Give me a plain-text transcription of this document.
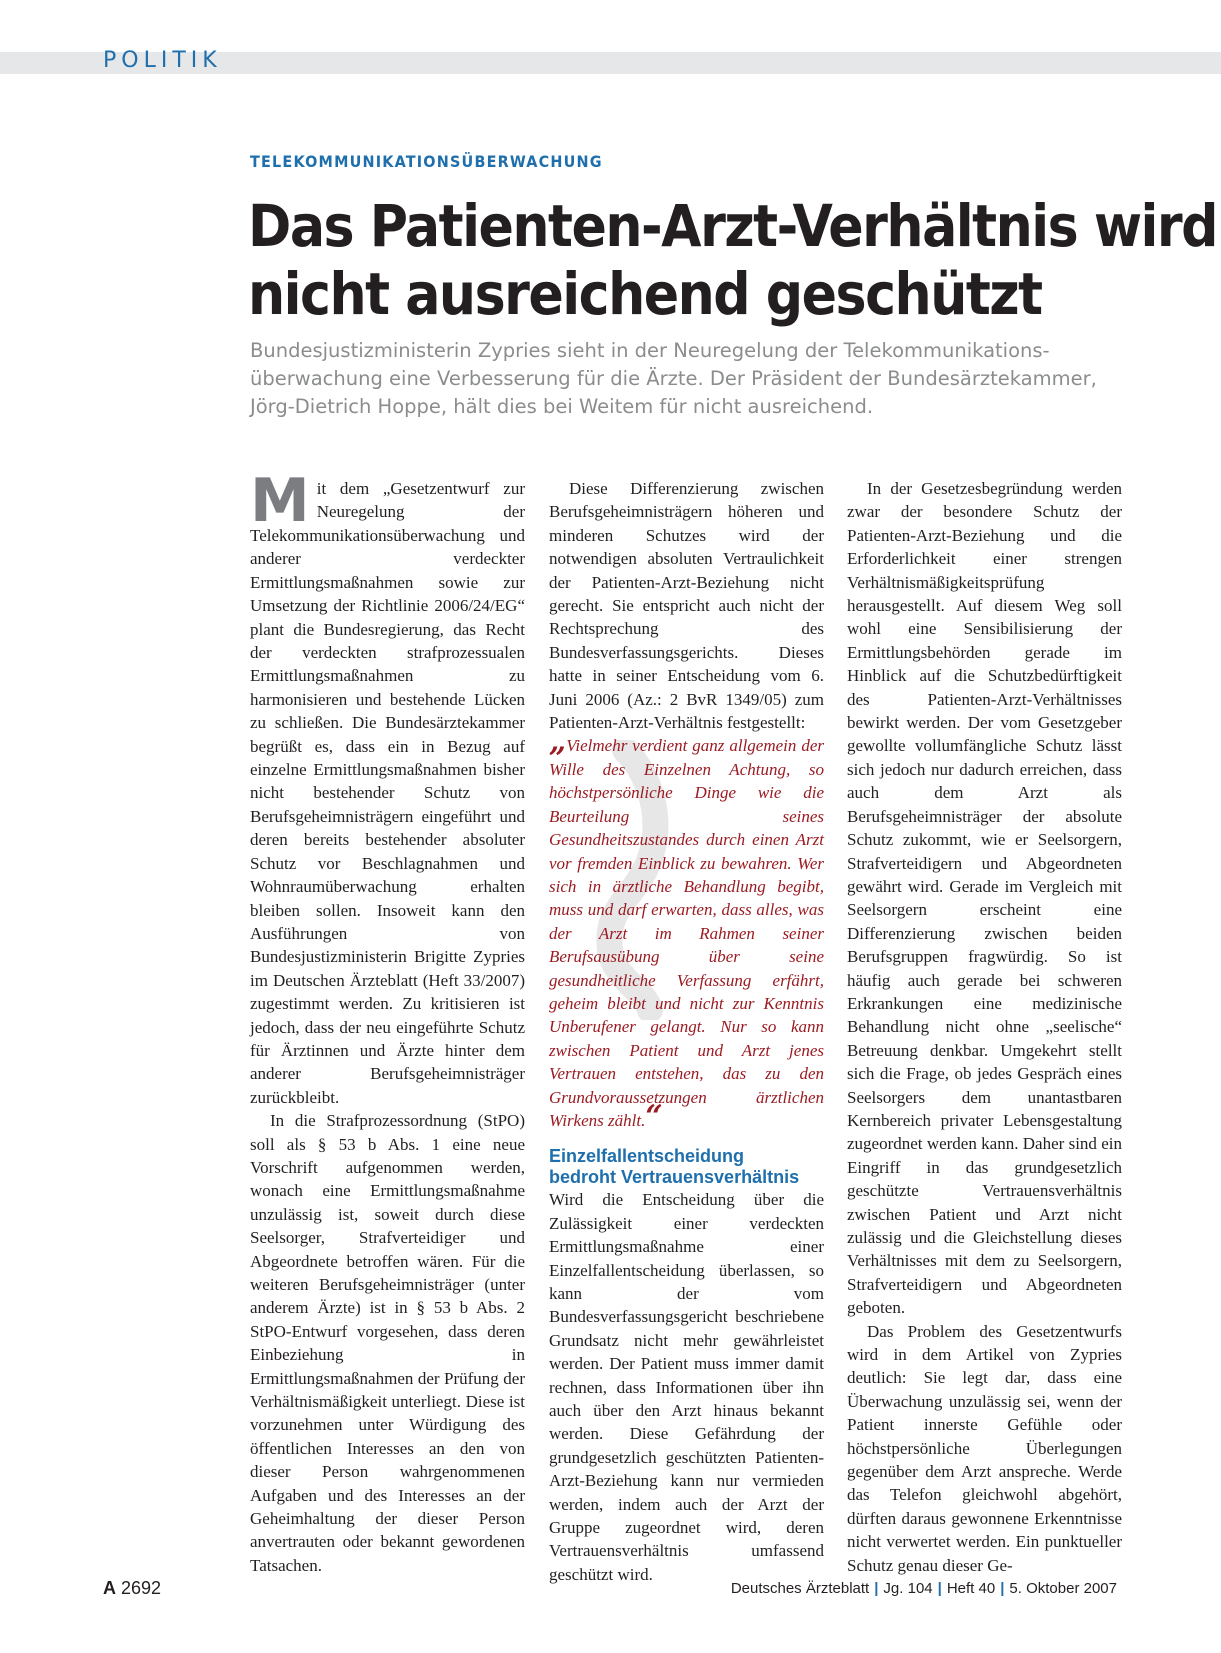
POLITIK
TELEKOMMUNIKATIONSÜBERWACHUNG
Das Patienten-Arzt-Verhältnis wird
nicht ausreichend geschützt
Bundesjustizministerin Zypries sieht in der Neuregelung der Telekommunikations-
überwachung eine Verbesserung für die Ärzte. Der Präsident der Bundesärztekammer,
Jörg-Dietrich Hoppe, hält dies bei Weitem für nicht ausreichend.

Mit dem „Gesetzentwurf zur Neuregelung der Telekommunikationsüberwachung und anderer verdeckter Ermittlungsmaßnahmen sowie zur Umsetzung der Richtlinie 2006/24/EG“ plant die Bundesregierung, das Recht der verdeckten strafprozessualen Ermittlungsmaßnahmen zu harmonisieren und bestehende Lücken zu schließen. Die Bundesärztekammer begrüßt es, dass ein in Bezug auf einzelne Ermittlungsmaßnahmen bisher nicht bestehender Schutz von Berufsgeheimnisträgern eingeführt und deren bereits bestehender absoluter Schutz vor Beschlagnahmen und Wohnraumüberwachung erhalten bleiben sollen. Insoweit kann den Ausführungen von Bundesjustizministerin Brigitte Zypries im Deutschen Ärzteblatt (Heft 33/2007) zugestimmt werden. Zu kritisieren ist jedoch, dass der neu eingeführte Schutz für Ärztinnen und Ärzte hinter dem anderer Berufsgeheimnisträger zurückbleibt.

In die Strafprozessordnung (StPO) soll als § 53 b Abs. 1 eine neue Vorschrift aufgenommen werden, wonach eine Ermittlungsmaßnahme unzulässig ist, soweit durch diese Seelsorger, Strafverteidiger und Abgeordnete betroffen wären. Für die weiteren Berufsgeheimnisträger (unter anderem Ärzte) ist in § 53 b Abs. 2 StPO-Entwurf vorgesehen, dass deren Einbeziehung in Ermittlungsmaßnahmen der Prüfung der Verhältnismäßigkeit unterliegt. Diese ist vorzunehmen unter Würdigung des öffentlichen Interesses an den von dieser Person wahrgenommenen Aufgaben und des Interesses an der Geheimhaltung der dieser Person anvertrauten oder bekannt gewordenen Tatsachen.

Diese Differenzierung zwischen Berufsgeheimnisträgern höheren und minderen Schutzes wird der notwendigen absoluten Vertraulichkeit der Patienten-Arzt-Beziehung nicht gerecht. Sie entspricht auch nicht der Rechtsprechung des Bundesverfassungsgerichts. Dieses hatte in seiner Entscheidung vom 6. Juni 2006 (Az.: 2 BvR 1349/05) zum Patienten-Arzt-Verhältnis festgestellt:

„Vielmehr verdient ganz allgemein der Wille des Einzelnen Achtung, so höchstpersönliche Dinge wie die Beurteilung seines Gesundheitszustandes durch einen Arzt vor fremden Einblick zu bewahren. Wer sich in ärztliche Behandlung begibt, muss und darf erwarten, dass alles, was der Arzt im Rahmen seiner Berufsausübung über seine gesundheitliche Verfassung erfährt, geheim bleibt und nicht zur Kenntnis Unberufener gelangt. Nur so kann zwischen Patient und Arzt jenes Vertrauen entstehen, das zu den Grundvoraussetzungen ärztlichen Wirkens zählt.“

Einzelfallentscheidung
bedroht Vertrauensverhältnis

Wird die Entscheidung über die Zulässigkeit einer verdeckten Ermittlungsmaßnahme einer Einzelfallentscheidung überlassen, so kann der vom Bundesverfassungsgericht beschriebene Grundsatz nicht mehr gewährleistet werden. Der Patient muss immer damit rechnen, dass Informationen über ihn auch über den Arzt hinaus bekannt werden. Diese Gefährdung der grundgesetzlich geschützten Patienten-Arzt-Beziehung kann nur vermieden werden, indem auch der Arzt der Gruppe zugeordnet wird, deren Vertrauensverhältnis umfassend geschützt wird.

In der Gesetzesbegründung werden zwar der besondere Schutz der Patienten-Arzt-Beziehung und die Erforderlichkeit einer strengen Verhältnismäßigkeitsprüfung herausgestellt. Auf diesem Weg soll wohl eine Sensibilisierung der Ermittlungsbehörden gerade im Hinblick auf die Schutzbedürftigkeit des Patienten-Arzt-Verhältnisses bewirkt werden. Der vom Gesetzgeber gewollte vollumfängliche Schutz lässt sich jedoch nur dadurch erreichen, dass auch dem Arzt als Berufsgeheimnisträger der absolute Schutz zukommt, wie er Seelsorgern, Strafverteidigern und Abgeordneten gewährt wird. Gerade im Vergleich mit Seelsorgern erscheint eine Differenzierung zwischen beiden Berufsgruppen fragwürdig. So ist häufig auch gerade bei schweren Erkrankungen eine medizinische Behandlung nicht ohne „seelische“ Betreuung denkbar. Umgekehrt stellt sich die Frage, ob jedes Gespräch eines Seelsorgers dem unantastbaren Kernbereich privater Lebensgestaltung zugeordnet werden kann. Daher sind ein Eingriff in das grundgesetzlich geschützte Vertrauensverhältnis zwischen Patient und Arzt nicht zulässig und die Gleichstellung dieses Verhältnisses mit dem zu Seelsorgern, Strafverteidigern und Abgeordneten geboten.

Das Problem des Gesetzentwurfs wird in dem Artikel von Zypries deutlich: Sie legt dar, dass eine Überwachung unzulässig sei, wenn der Patient innerste Gefühle oder höchstpersönliche Überlegungen gegenüber dem Arzt anspreche. Werde das Telefon gleichwohl abgehört, dürften daraus gewonnene Erkenntnisse nicht verwertet werden. Ein punktueller Schutz genau dieser Ge-

A 2692	Deutsches Ärzteblatt | Jg. 104 | Heft 40 | 5. Oktober 2007
